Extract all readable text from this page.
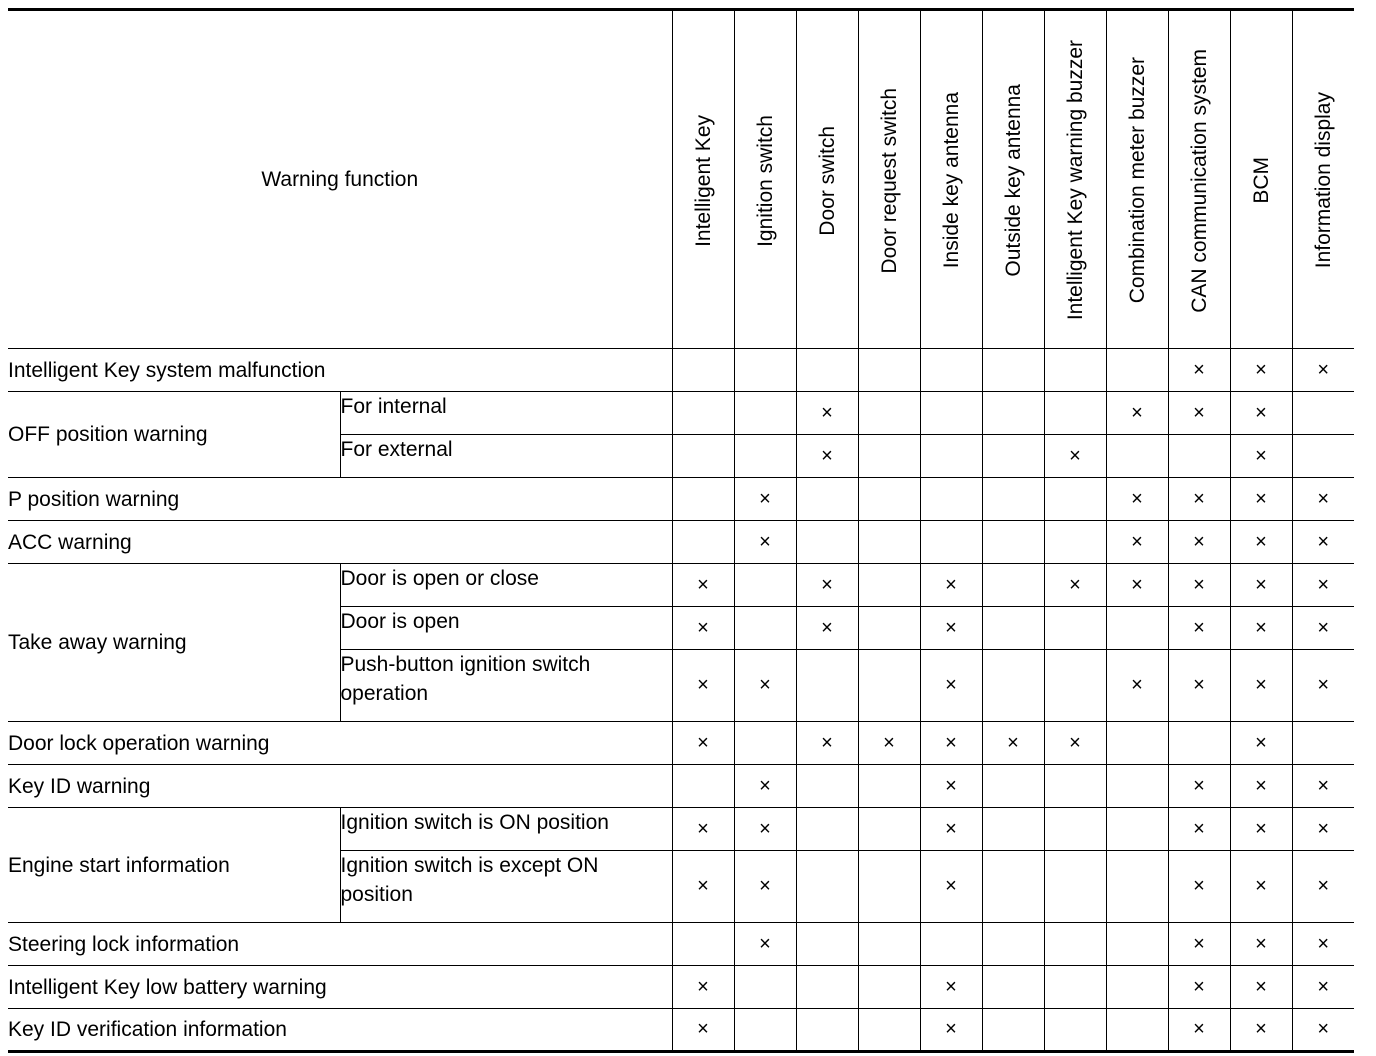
Warning function		Intelligent Key	Ignition switch	Door switch	Door request switch	Inside key antenna	Outside key antenna	Intelligent Key warning buzzer	Combination meter buzzer	CAN communication system	BCM	Information display

Intelligent Key system malfunction										×	×	×
OFF position warning	For internal			×					×	×	×	
	For external			×				×			×	
P position warning			×						×	×	×	×
ACC warning			×						×	×	×	×
Take away warning	Door is open or close	×		×		×		×	×	×	×	×
	Door is open	×		×		×				×	×	×
	Push-button ignition switch operation	×	×			×			×	×	×	×
Door lock operation warning		×		×	×	×	×	×			×	
Key ID warning			×			×				×	×	×
Engine start information	Ignition switch is ON position	×	×			×				×	×	×
	Ignition switch is except ON position	×	×			×				×	×	×
Steering lock information			×							×	×	×
Intelligent Key low battery warning		×				×				×	×	×
Key ID verification information		×				×				×	×	×
